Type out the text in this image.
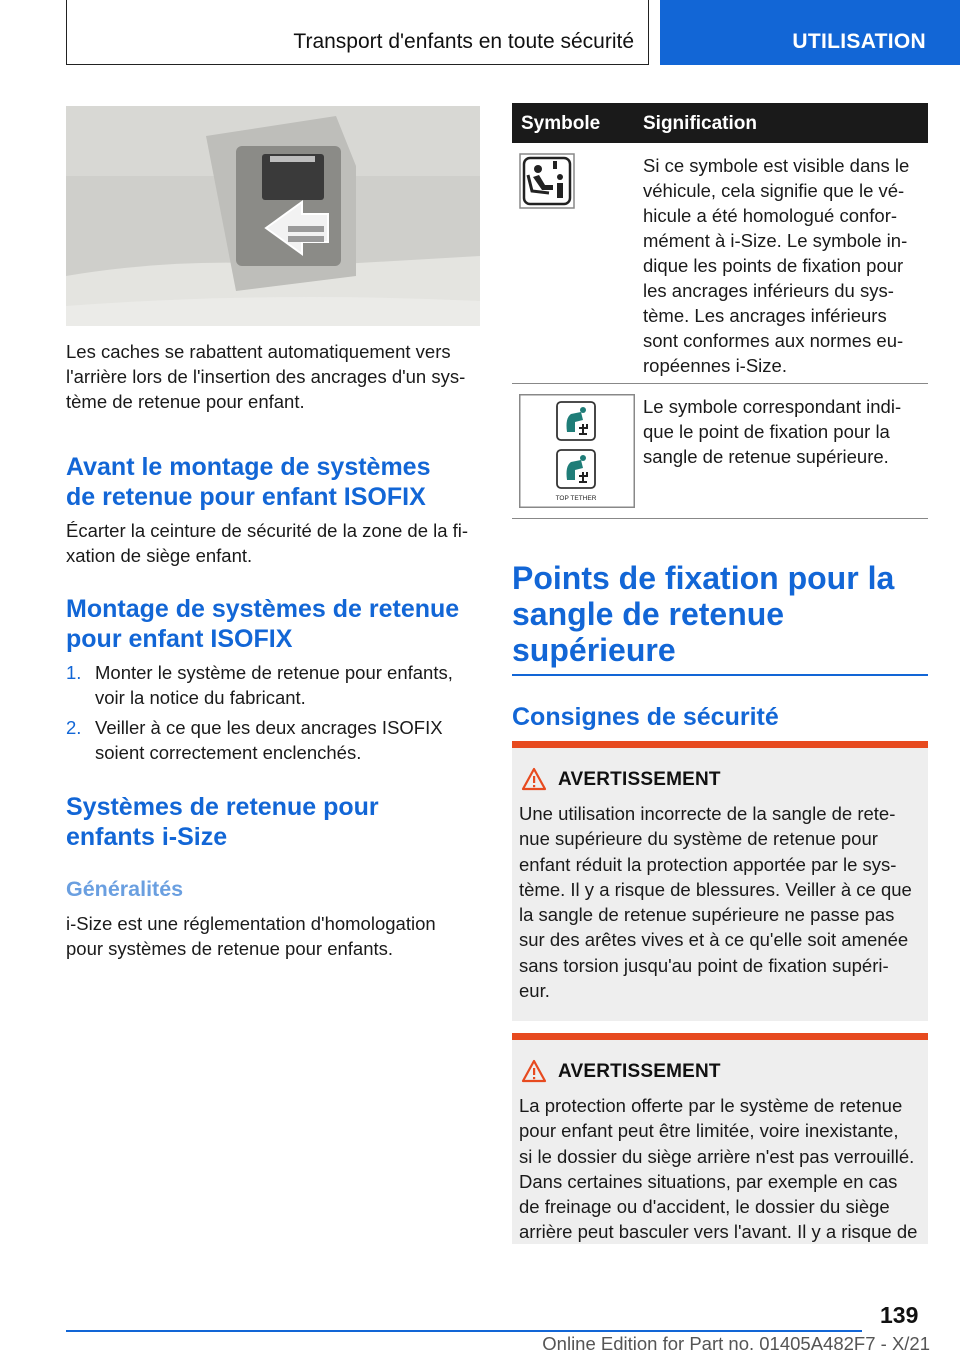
Transport d'enfants en toute sécurité	UTILISATION
Les caches se rabattent automatiquement vers
l'arrière lors de l'insertion des ancrages d'un sys-
tème de retenue pour enfant.
Avant le montage de systèmes
de retenue pour enfant ISOFIX
Écarter la ceinture de sécurité de la zone de la fi-
xation de siège enfant.
Montage de systèmes de retenue
pour enfant ISOFIX
1. Monter le système de retenue pour enfants,
voir la notice du fabricant.
2. Veiller à ce que les deux ancrages ISOFIX
soient correctement enclenchés.
Systèmes de retenue pour
enfants i-Size
Généralités
i-Size est une réglementation d'homologation
pour systèmes de retenue pour enfants.
Symbole Signification
Si ce symbole est visible dans le
véhicule, cela signifie que le vé-
hicule a été homologué confor-
mément à i-Size. Le symbole in-
dique les points de fixation pour
les ancrages inférieurs du sys-
tème. Les ancrages inférieurs
sont conformes aux normes eu-
ropéennes i-Size.
TOP TETHER
Le symbole correspondant indi-
que le point de fixation pour la
sangle de retenue supérieure.
Points de fixation pour la
sangle de retenue
supérieure
Consignes de sécurité
AVERTISSEMENT
Une utilisation incorrecte de la sangle de rete-
nue supérieure du système de retenue pour
enfant réduit la protection apportée par le sys-
tème. Il y a risque de blessures. Veiller à ce que
la sangle de retenue supérieure ne passe pas
sur des arêtes vives et à ce qu'elle soit amenée
sans torsion jusqu'au point de fixation supéri-
eur.
AVERTISSEMENT
La protection offerte par le système de retenue
pour enfant peut être limitée, voire inexistante,
si le dossier du siège arrière n'est pas verrouillé.
Dans certaines situations, par exemple en cas
de freinage ou d'accident, le dossier du siège
arrière peut basculer vers l'avant. Il y a risque de
139
Online Edition for Part no. 01405A482F7 - X/21
